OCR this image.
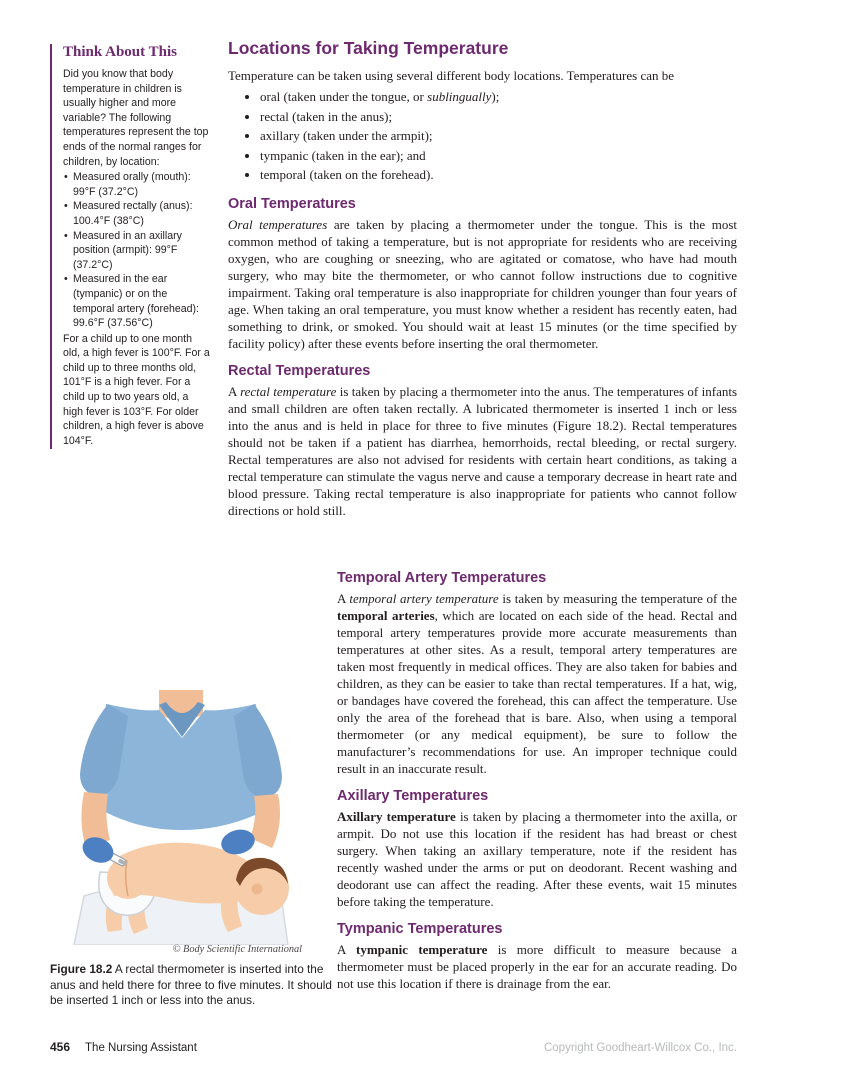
Think About This

Did you know that body temperature in children is usually higher and more variable? The following temperatures represent the top ends of the normal ranges for children, by location:

• Measured orally (mouth): 99°F (37.2°C)
• Measured rectally (anus): 100.4°F (38°C)
• Measured in an axillary position (armpit): 99°F (37.2°C)
• Measured in the ear (tympanic) or on the temporal artery (forehead): 99.6°F (37.56°C)

For a child up to one month old, a high fever is 100°F. For a child up to three months old, 101°F is a high fever. For a child up to two years old, a high fever is 103°F. For older children, a high fever is above 104°F.

Locations for Taking Temperature

Temperature can be taken using several different body locations. Temperatures can be

• oral (taken under the tongue, or sublingually);
• rectal (taken in the anus);
• axillary (taken under the armpit);
• tympanic (taken in the ear); and
• temporal (taken on the forehead).
Oral Temperatures

Oral temperatures are taken by placing a thermometer under the tongue. This is the most common method of taking a temperature, but is not appropriate for residents who are receiving oxygen, who are coughing or sneezing, who are agitated or comatose, who have had mouth surgery, who may bite the thermometer, or who cannot follow instructions due to cognitive impairment. Taking oral temperature is also inappropriate for children younger than four years of age. When taking an oral temperature, you must know whether a resident has recently eaten, had something to drink, or smoked. You should wait at least 15 minutes (or the time specified by facility policy) after these events before inserting the oral thermometer.

Rectal Temperatures

A rectal temperature is taken by placing a thermometer into the anus. The temperatures of infants and small children are often taken rectally. A lubricated thermometer is inserted 1 inch or less into the anus and is held in place for three to five minutes (Figure 18.2). Rectal temperatures should not be taken if a patient has diarrhea, hemorrhoids, rectal bleeding, or rectal surgery. Rectal temperatures are also not advised for residents with certain heart conditions, as taking a rectal temperature can stimulate the vagus nerve and cause a temporary decrease in heart rate and blood pressure. Taking rectal temperature is also inappropriate for patients who cannot follow directions or hold still.

Temporal Artery Temperatures

A temporal artery temperature is taken by measuring the temperature of the temporal arteries, which are located on each side of the head. Rectal and temporal artery temperatures provide more accurate measurements than temperatures at other sites. As a result, temporal artery temperatures are taken most frequently in medical offices. They are also taken for babies and children, as they can be easier to take than rectal temperatures. If a hat, wig, or bandages have covered the forehead, this can affect the temperature. Use only the area of the forehead that is bare. Also, when using a temporal thermometer (or any medical equipment), be sure to follow the manufacturer’s recommendations for use. An improper technique could result in an inaccurate result.

Axillary Temperatures

Axillary temperature is taken by placing a thermometer into the axilla, or armpit. Do not use this location if the resident has had breast or chest surgery. When taking an axillary temperature, note if the resident has recently washed under the arms or put on deodorant. Recent washing and deodorant use can affect the reading. After these events, wait 15 minutes before taking the temperature.

Tympanic Temperatures

A tympanic temperature is more difficult to measure because a thermometer must be placed properly in the ear for an accurate reading. Do not use this location if there is drainage from the ear.

© Body Scientific International

Figure 18.2 A rectal thermometer is inserted into the anus and held there for three to five minutes. It should be inserted 1 inch or less into the anus.

456 The Nursing Assistant	Copyright Goodheart-Willcox Co., Inc.
